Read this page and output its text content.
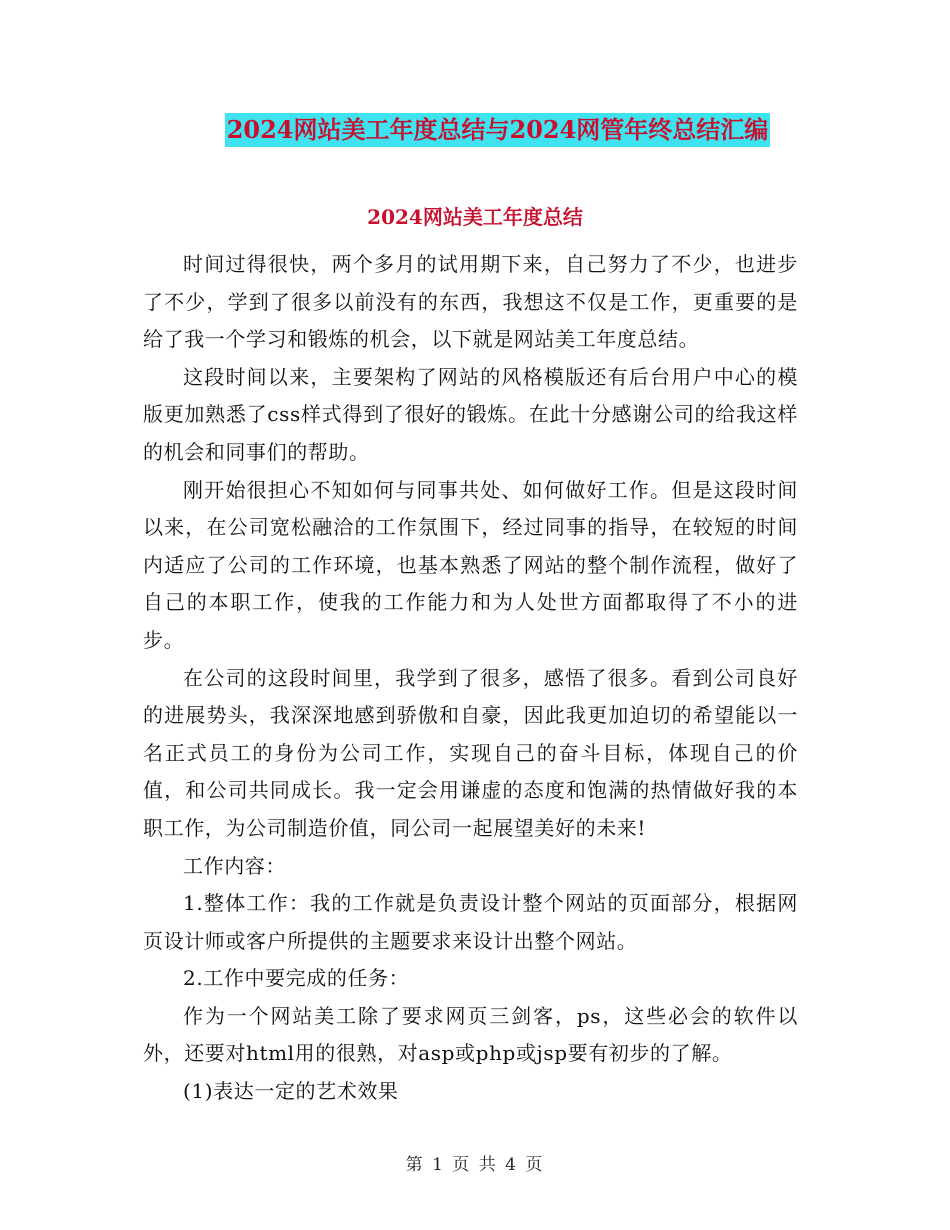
2024网站美工年度总结与2024网管年终总结汇编
2024网站美工年度总结

时间过得很快，两个多月的试用期下来，自己努力了不少，也进步了不少，学到了很多以前没有的东西，我想这不仅是工作，更重要的是给了我一个学习和锻炼的机会，以下就是网站美工年度总结。

这段时间以来，主要架构了网站的风格模版还有后台用户中心的模版更加熟悉了css样式得到了很好的锻炼。在此十分感谢公司的给我这样的机会和同事们的帮助。

刚开始很担心不知如何与同事共处、如何做好工作。但是这段时间以来，在公司宽松融洽的工作氛围下，经过同事的指导，在较短的时间内适应了公司的工作环境，也基本熟悉了网站的整个制作流程，做好了自己的本职工作，使我的工作能力和为人处世方面都取得了不小的进步。

在公司的这段时间里，我学到了很多，感悟了很多。看到公司良好的进展势头，我深深地感到骄傲和自豪，因此我更加迫切的希望能以一名正式员工的身份为公司工作，实现自己的奋斗目标，体现自己的价值，和公司共同成长。我一定会用谦虚的态度和饱满的热情做好我的本职工作，为公司制造价值，同公司一起展望美好的未来!

工作内容：

1.整体工作：我的工作就是负责设计整个网站的页面部分，根据网页设计师或客户所提供的主题要求来设计出整个网站。

2.工作中要完成的任务：

作为一个网站美工除了要求网页三剑客，ps，这些必会的软件以外，还要对html用的很熟，对asp或php或jsp要有初步的了解。

(1)表达一定的艺术效果

第 1 页 共 4 页
